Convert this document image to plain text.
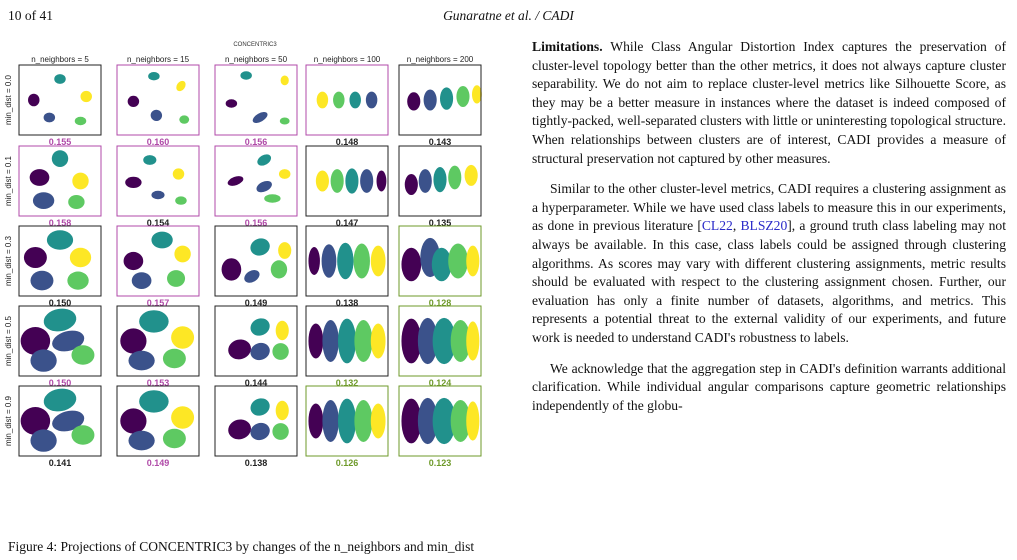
10 of 41	Gunaratne et al. / CADI
CONCENTRIC3
n_neighbors = 5	n_neighbors = 15	n_neighbors = 50	n_neighbors = 100	n_neighbors = 200
min_dist = 0.0
min_dist = 0.1
min_dist = 0.3
min_dist = 0.5
min_dist = 0.9
0.155	0.160	0.156	0.148	0.143
0.158	0.154	0.156	0.147	0.135
0.150	0.157	0.149	0.138	0.128
0.150	0.153	0.144	0.132	0.124
0.141	0.149	0.138	0.126	0.123

Limitations. While Class Angular Distortion Index captures the preservation of cluster-level topology better than the other metrics, it does not always capture cluster separability. We do not aim to replace cluster-level metrics like Silhouette Score, as they may be a better measure in instances where the dataset is indeed composed of tightly-packed, well-separated clusters with little or uninteresting topological structure. When relationships between clusters are of interest, CADI provides a measure of structural preservation not captured by other measures.

Similar to the other cluster-level metrics, CADI requires a clustering assignment as a hyperparameter. While we have used class labels to measure this in our experiments, as done in previous literature [CL22, BLSZ20], a ground truth class labeling may not always be available. In this case, class labels could be assigned through clustering algorithms. As scores may vary with different clustering assignments, metric results should be evaluated with respect to the clustering assignment chosen. Further, our evaluation has only a finite number of datasets, algorithms, and metrics. This represents a potential threat to the external validity of our experiments, and future work is needed to understand CADI's robustness to labels.

We acknowledge that the aggregation step in CADI's definition warrants additional clarification. While individual angular comparisons capture geometric relationships independently of the globu-

Figure 4: Projections of CONCENTRIC3 by changes of the n_neighbors and min_dist
